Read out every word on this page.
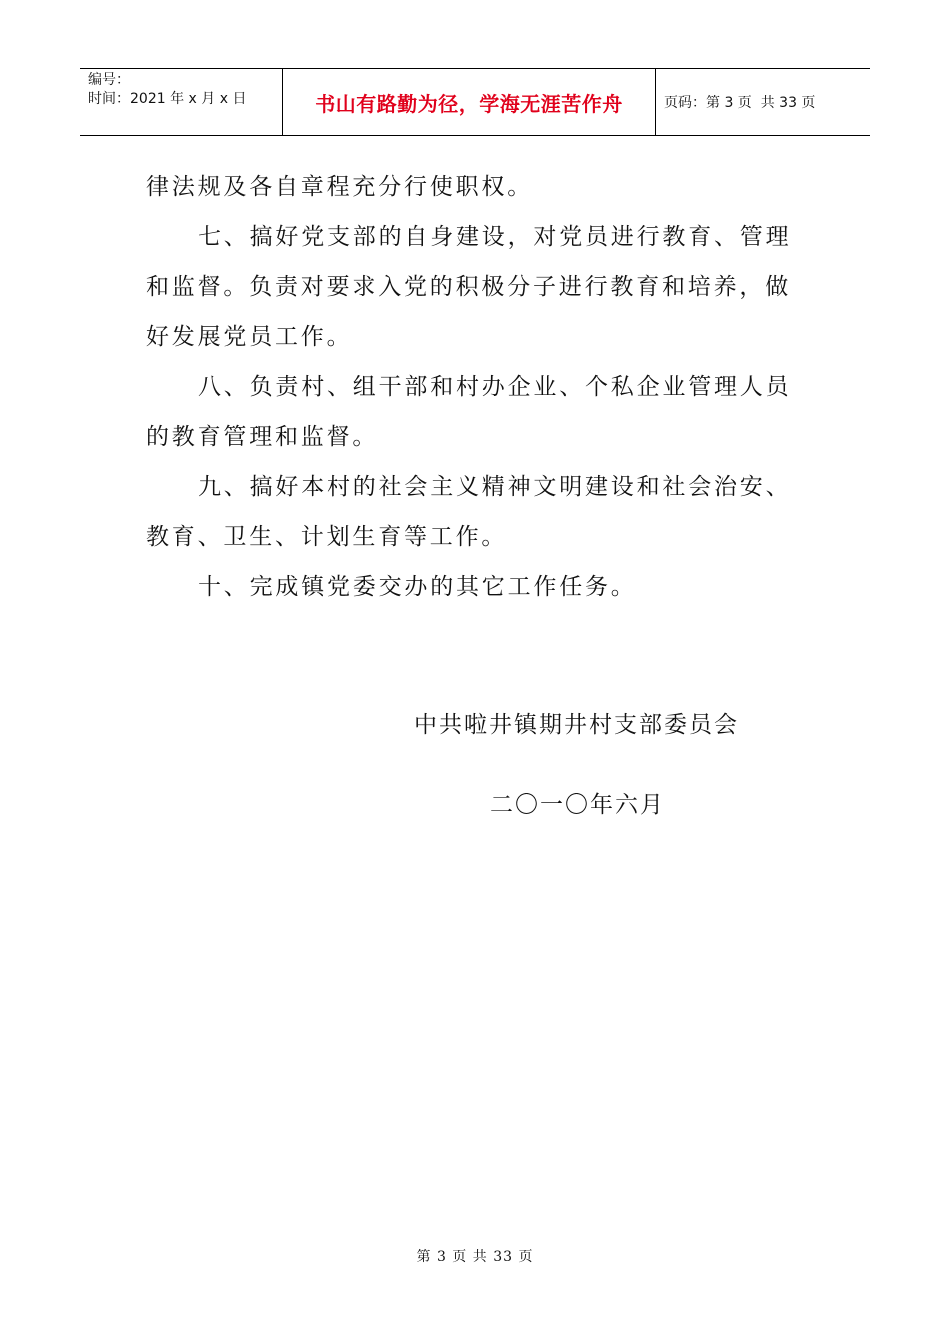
编号：
时间：2021 年 x 月 x 日	书山有路勤为径，学海无涯苦作舟	页码：第 3 页  共 33 页

律法规及各自章程充分行使职权。

七、搞好党支部的自身建设，对党员进行教育、管理和监督。负责对要求入党的积极分子进行教育和培养，做好发展党员工作。

八、负责村、组干部和村办企业、个私企业管理人员的教育管理和监督。

九、搞好本村的社会主义精神文明建设和社会治安、教育、卫生、计划生育等工作。

十、完成镇党委交办的其它工作任务。

中共啦井镇期井村支部委员会
二〇一〇年六月
第 3 页 共 33 页
